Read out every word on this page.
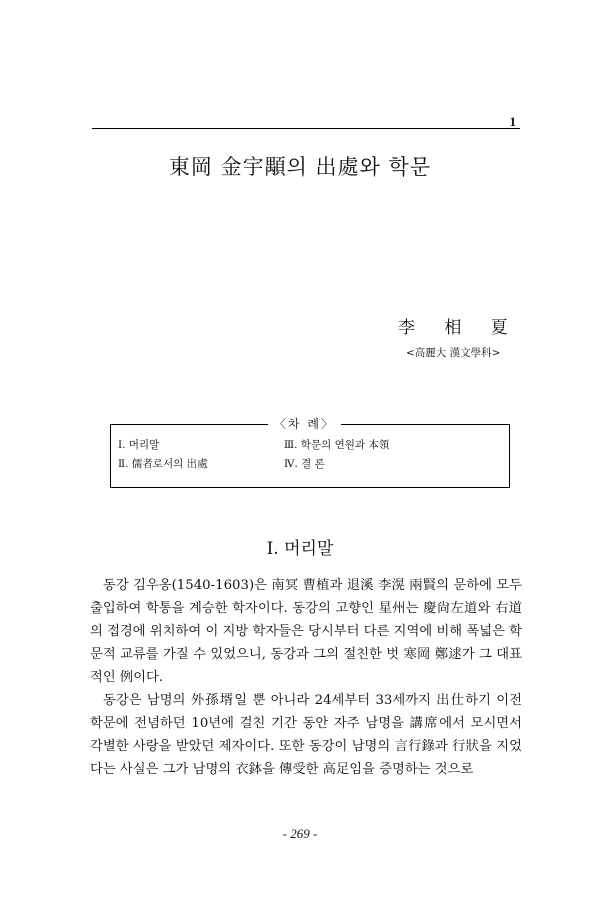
1
東岡 金宇顒의 出處와 학문
李 相 夏
<高麗大 漢文學科>
〈차 례〉
Ⅰ. 머리말	Ⅲ. 학문의 연원과 本領
Ⅱ. 儒者로서의 出處	Ⅳ. 결 론
Ⅰ. 머리말

동강 김우옹(1540-1603)은 南冥 曹植과 退溪 李滉 兩賢의 문하에 모두 출입하여 학통을 계승한 학자이다. 동강의 고향인 星州는 慶尙左道와 右道의 접경에 위치하여 이 지방 학자들은 당시부터 다른 지역에 비해 폭넓은 학문적 교류를 가질 수 있었으니, 동강과 그의 절친한 벗 寒岡 鄭逑가 그 대표적인 例이다.

동강은 남명의 外孫壻일 뿐 아니라 24세부터 33세까지 出仕하기 이전 학문에 전념하던 10년에 걸친 기간 동안 자주 남명을 講席에서 모시면서 각별한 사랑을 받았던 제자이다. 또한 동강이 남명의 言行錄과 行狀을 지었다는 사실은 그가 남명의 衣鉢을 傳受한 高足임을 증명하는 것으로

- 269 -
